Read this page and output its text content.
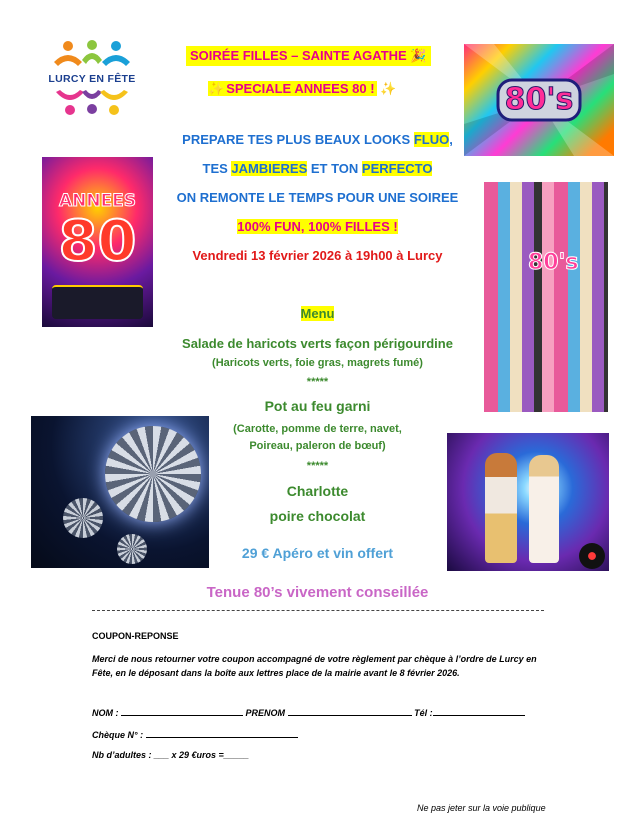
LURCY EN FÊTE
SOIRÉE FILLES – SAINTE AGATHE 🎉
✨ SPECIALE ANNEES 80 ! ✨	80's
PREPARE TES PLUS BEAUX LOOKS FLUO,
TES JAMBIERES ET TON PERFECTO
ON REMONTE LE TEMPS POUR UNE SOIREE
100% FUN, 100% FILLES !
Vendredi 13 février 2026 à 19h00 à Lurcy
ANNEES
80	80's
Menu
Salade de haricots verts façon périgourdine
(Haricots verts, foie gras, magrets fumé)
*****
Pot au feu garni
(Carotte, pomme de terre, navet,
Poireau, paleron de bœuf)
*****
Charlotte
poire chocolat
29 € Apéro et vin offert
Tenue 80’s vivement conseillée
COUPON-REPONSE
Merci de nous retourner votre coupon accompagné de votre règlement par chèque à l’ordre de Lurcy en Fête, en le déposant dans la boîte aux lettres place de la mairie avant le 8 février 2026.
NOM :	PRENOM	Tél :
Chèque N° :
Nb d’adultes : ___ x 29 €uros =_____
Ne pas jeter sur la voie publique
